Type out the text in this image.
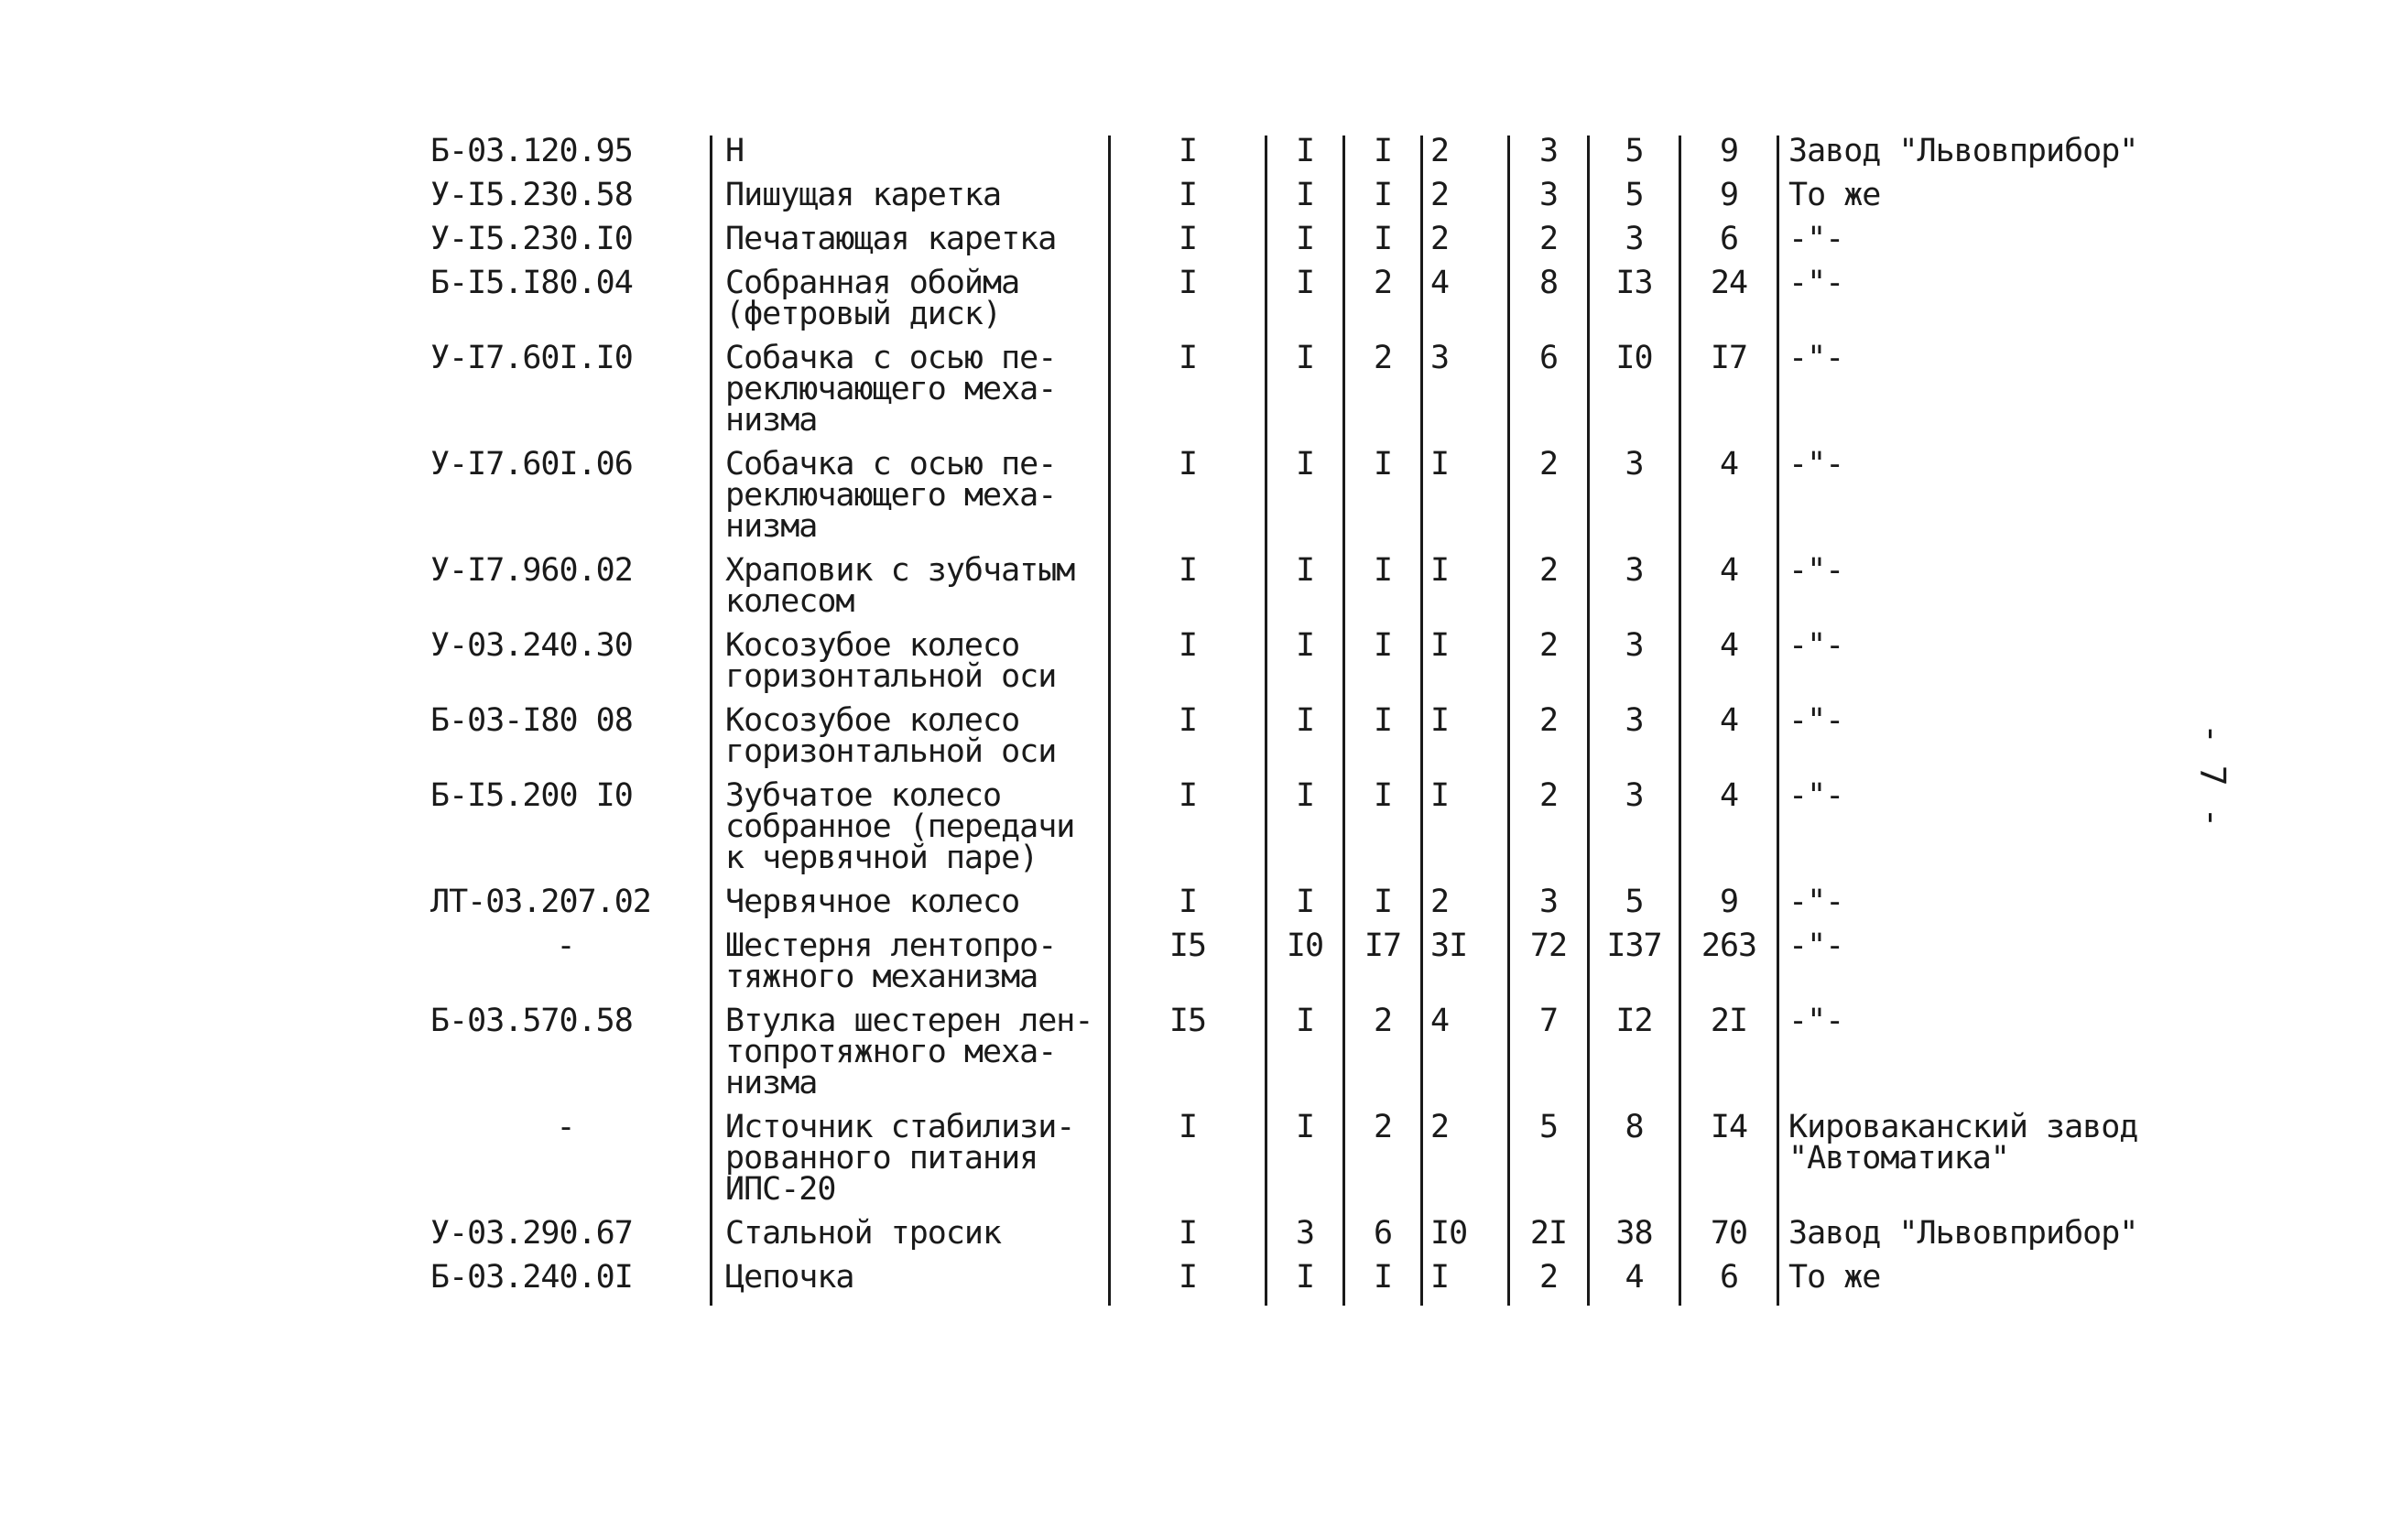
Б-03.120.95	Н	I	I	I	2	3	5	9	Завод "Львовприбор"
У-I5.230.58	Пишущая каретка	I	I	I	2	3	5	9	То же
У-I5.230.I0	Печатающая каретка	I	I	I	2	2	3	6	-"-
Б-I5.I80.04	Собранная обойма
(фетровый диск)	I	I	2	4	8	I3	24	-"-
У-I7.60I.I0	Собачка с осью пе-
реключающего меха-
низма	I	I	2	3	6	I0	I7	-"-
У-I7.60I.06	Собачка с осью пе-
реключающего меха-
низма	I	I	I	I	2	3	4	-"-
У-I7.960.02	Храповик с зубчатым
колесом	I	I	I	I	2	3	4	-"-
У-03.240.30	Косозубое колесо
горизонтальной оси	I	I	I	I	2	3	4	-"-
Б-03-I80 08	Косозубое колесо
горизонтальной оси	I	I	I	I	2	3	4	-"-
Б-I5.200 I0	Зубчатое колесо
собранное (передачи
к червячной паре)	I	I	I	I	2	3	4	-"-
ЛТ-03.207.02	Червячное колесо	I	I	I	2	3	5	9	-"-
-	Шестерня лентопро-
тяжного механизма	I5	I0	I7	3I	72	I37	263	-"-
Б-03.570.58	Втулка шестерен лен-
топротяжного меха-
низма	I5	I	2	4	7	I2	2I	-"-
-	Источник стабилизи-
рованного питания
ИПС-20	I	I	2	2	5	8	I4	Кироваканский завод
"Автоматика"
У-03.290.67	Стальной тросик	I	3	6	I0	2I	38	70	Завод "Львовприбор"
Б-03.240.0I	Цепочка	I	I	I	I	2	4	6	То же
- 7 -
